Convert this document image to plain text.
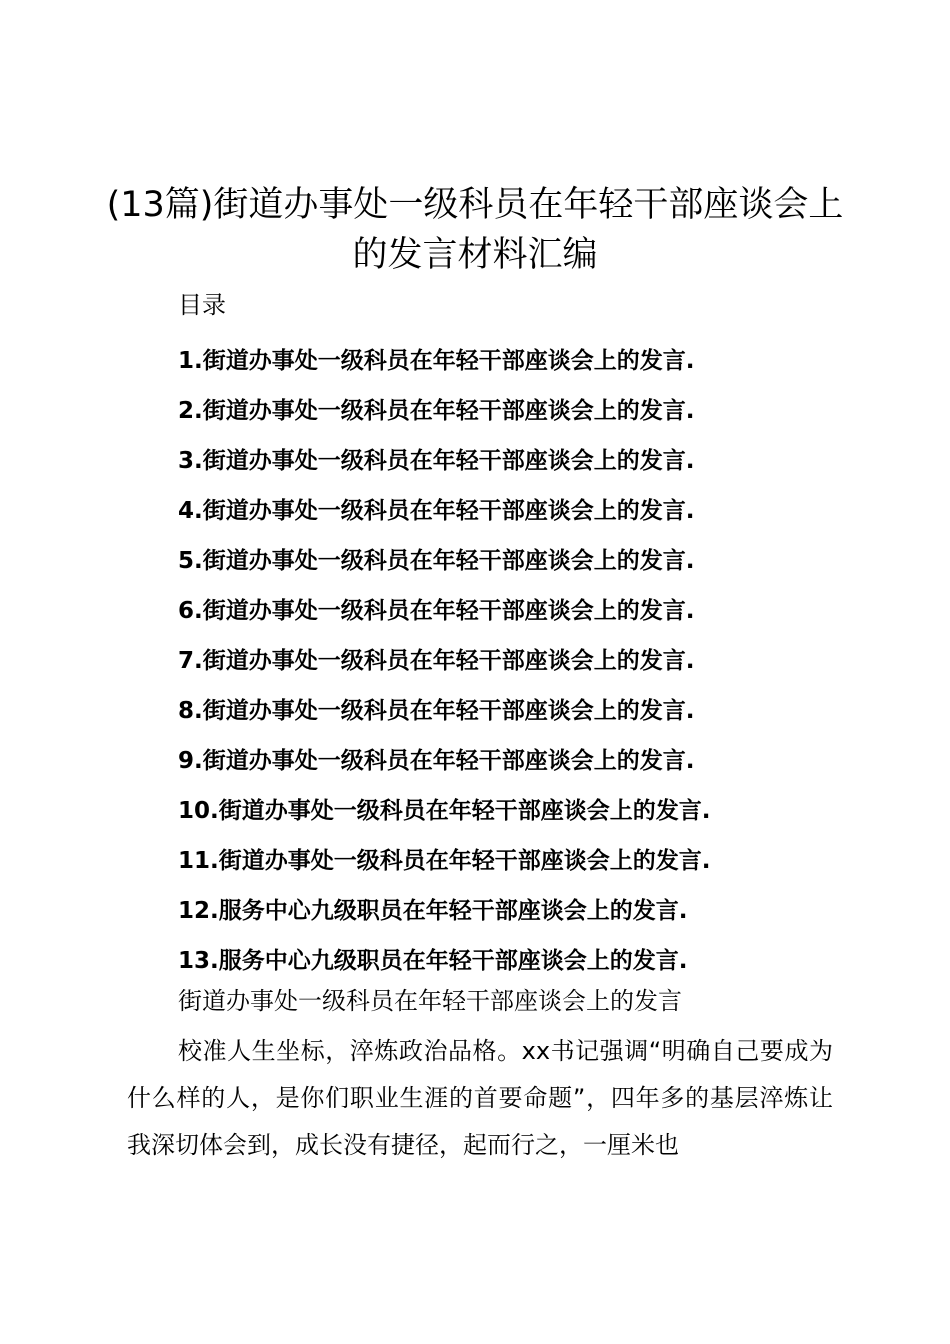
(13篇)街道办事处一级科员在年轻干部座谈会上的发言材料汇编

目录

1.街道办事处一级科员在年轻干部座谈会上的发言.
2.街道办事处一级科员在年轻干部座谈会上的发言.
3.街道办事处一级科员在年轻干部座谈会上的发言.
4.街道办事处一级科员在年轻干部座谈会上的发言.
5.街道办事处一级科员在年轻干部座谈会上的发言.
6.街道办事处一级科员在年轻干部座谈会上的发言.
7.街道办事处一级科员在年轻干部座谈会上的发言.
8.街道办事处一级科员在年轻干部座谈会上的发言.
9.街道办事处一级科员在年轻干部座谈会上的发言.
10.街道办事处一级科员在年轻干部座谈会上的发言.
11.街道办事处一级科员在年轻干部座谈会上的发言.
12.服务中心九级职员在年轻干部座谈会上的发言.
13.服务中心九级职员在年轻干部座谈会上的发言.

街道办事处一级科员在年轻干部座谈会上的发言

校准人生坐标，淬炼政治品格。xx书记强调“明确自己要成为什么样的人，是你们职业生涯的首要命题”，四年多的基层淬炼让我深切体会到，成长没有捷径，起而行之，一厘米也
